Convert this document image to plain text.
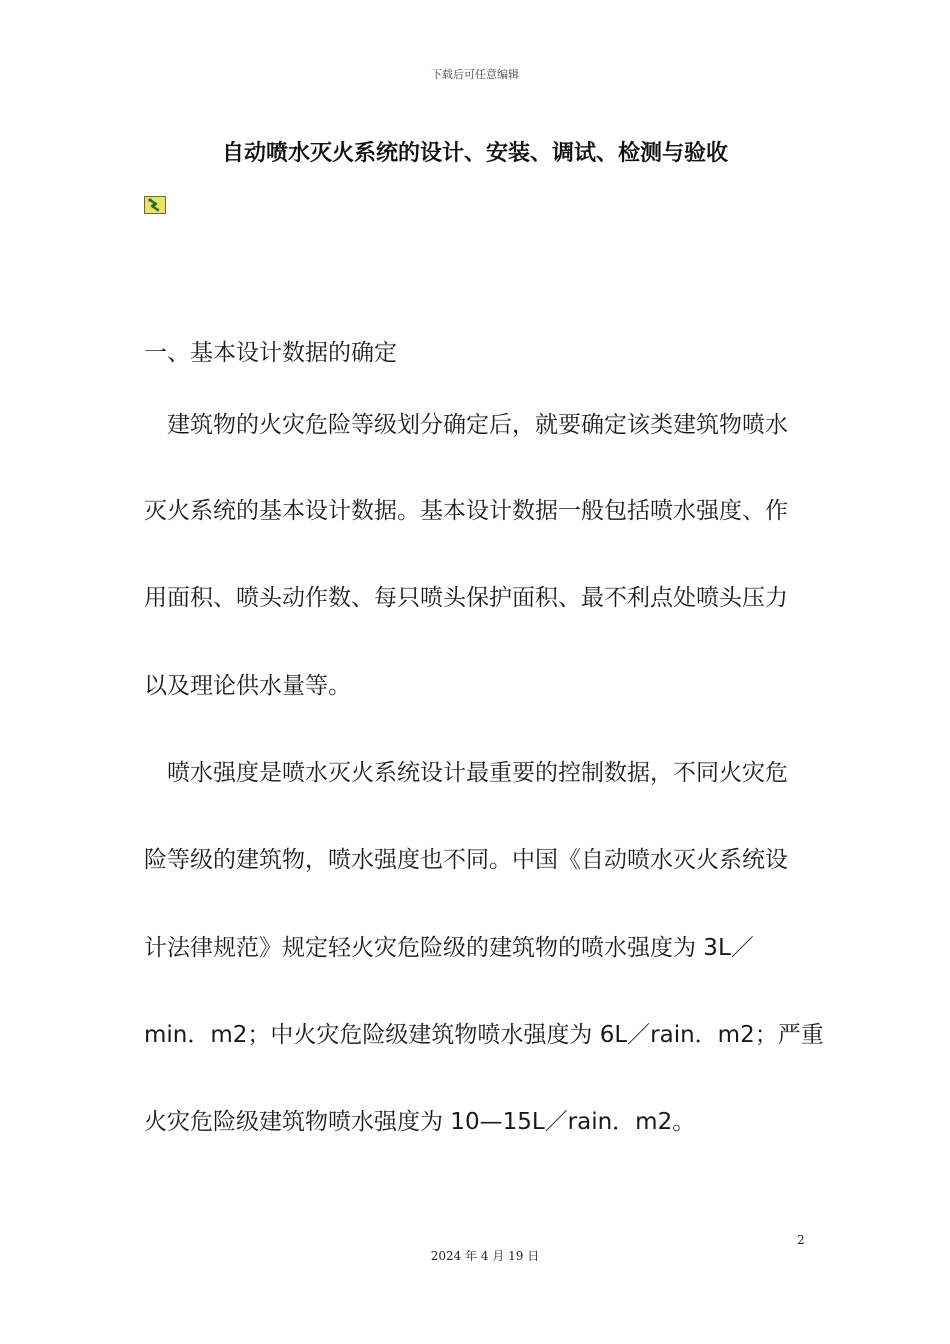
下载后可任意编辑
自动喷水灭火系统的设计、安装、调试、检测与验收
一、基本设计数据的确定
　建筑物的火灾危险等级划分确定后，就要确定该类建筑物喷水
灭火系统的基本设计数据。基本设计数据一般包括喷水强度、作
用面积、喷头动作数、每只喷头保护面积、最不利点处喷头压力
以及理论供水量等。
　喷水强度是喷水灭火系统设计最重要的控制数据，不同火灾危
险等级的建筑物，喷水强度也不同。中国《自动喷水灭火系统设
计法律规范》规定轻火灾危险级的建筑物的喷水强度为 3L／
min．m2；中火灾危险级建筑物喷水强度为 6L／rain．m2；严重
火灾危险级建筑物喷水强度为 10—15L／rain．m2。
2
2024 年 4 月 19 日
